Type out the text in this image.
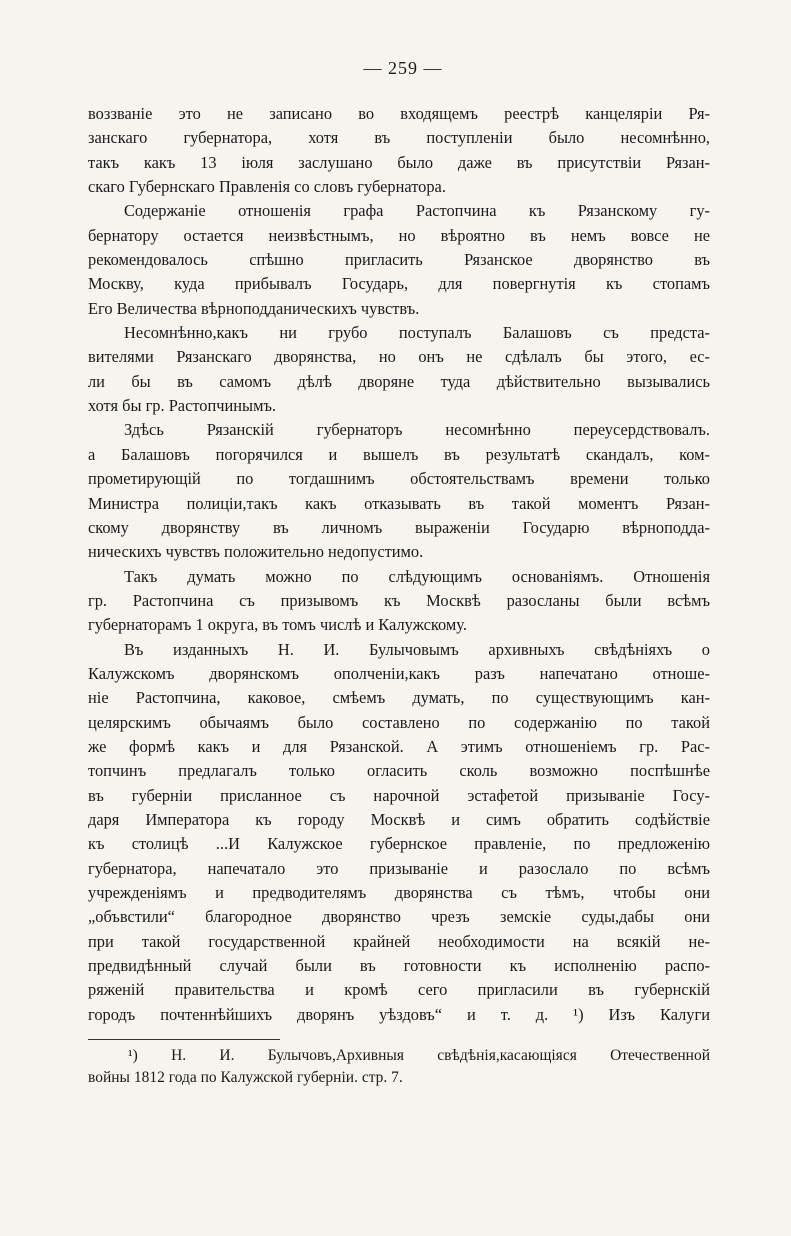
— 259 —
воззваніе это не записано во входящемъ реестрѣ канцеляріи Ря-
занскаго губернатора, хотя въ поступленіи было несомнѣнно,
такъ какъ 13 іюля заслушано было даже въ присутствіи Рязан-
скаго Губернскаго Правленія со словъ губернатора.
Содержаніе отношенія графа Растопчина къ Рязанскому гу-
бернатору остается неизвѣстнымъ, но вѣроятно въ немъ вовсе не
рекомендовалось спѣшно пригласить Рязанское дворянство въ
Москву, куда прибывалъ Государь, для повергнутія къ стопамъ
Его Величества вѣрноподданическихъ чувствъ.
Несомнѣнно,какъ ни грубо поступалъ Балашовъ съ предста-
вителями Рязанскаго дворянства, но онъ не сдѣлалъ бы этого, ес-
ли бы въ самомъ дѣлѣ дворяне туда дѣйствительно вызывались
хотя бы гр. Растопчинымъ.
Здѣсь Рязанскій губернаторъ несомнѣнно переусердствовалъ.
а Балашовъ погорячился и вышелъ въ результатѣ скандалъ, ком-
прометирующій по тогдашнимъ обстоятельствамъ времени только
Министра полиціи,такъ какъ отказывать въ такой моментъ Рязан-
скому дворянству въ личномъ выраженіи Государю вѣрноподда-
ническихъ чувствъ положительно недопустимо.
Такъ думать можно по слѣдующимъ основаніямъ. Отношенія
гр. Растопчина съ призывомъ къ Москвѣ разосланы были всѣмъ
губернаторамъ 1 округа, въ томъ числѣ и Калужскому.
Въ изданныхъ Н. И. Булычовымъ архивныхъ свѣдѣніяхъ о
Калужскомъ дворянскомъ ополченіи,какъ разъ напечатано отноше-
ніе Растопчина, каковое, смѣемъ думать, по существующимъ кан-
целярскимъ обычаямъ было составлено по содержанію по такой
же формѣ какъ и для Рязанской. А этимъ отношеніемъ гр. Рас-
топчинъ предлагалъ только огласить сколь возможно поспѣшнѣе
въ губерніи присланное съ нарочной эстафетой призываніе Госу-
даря Императора къ городу Москвѣ и симъ обратить содѣйствіе
къ столицѣ ...И Калужское губернское правленіе, по предложенію
губернатора, напечатало это призываніе и разослало по всѣмъ
учрежденіямъ и предводителямъ дворянства съ тѣмъ, чтобы они
„объвстили“ благородное дворянство чрезъ земскіе суды,дабы они
при такой государственной крайней необходимости на всякій не-
предвидѣнный случай были въ готовности къ исполненію распо-
ряженій правительства и кромѣ сего пригласили въ губернскій
городъ почтеннѣйшихъ дворянъ уѣздовъ“ и т. д. ¹) Изъ Калуги
¹) Н. И. Булычовъ,Архивныя свѣдѣнія,касающіяся Отечественной
войны 1812 года по Калужской губерніи. стр. 7.
